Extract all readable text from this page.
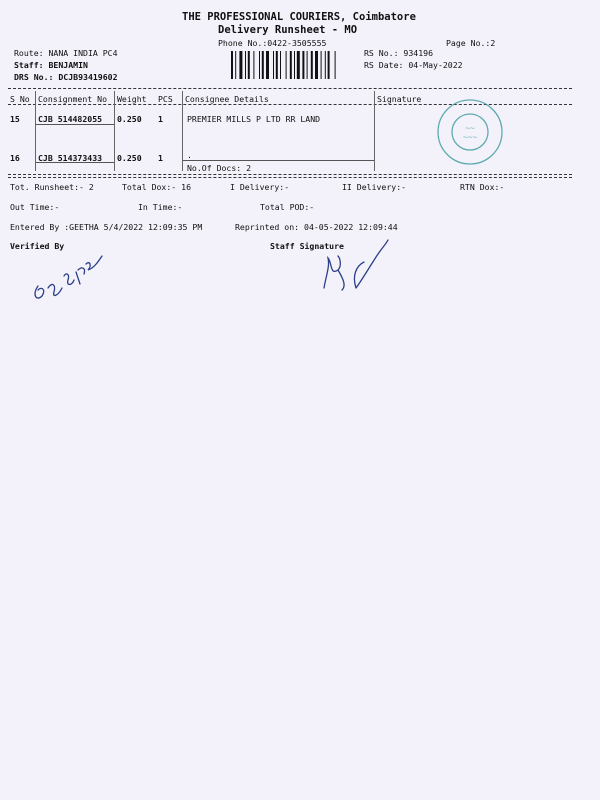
THE PROFESSIONAL COURIERS, Coimbatore
Delivery Runsheet - MO
Phone No.:0422-3505555	Page No.:2
Route: NANA INDIA PC4
Staff: BENJAMIN
DRS No.: DCJB93419602
RS No.: 934196
RS Date: 04-May-2022
S No Consignment No Weight PCS Consignee Details	Signature
15 CJB 514482055 0.250 1	PREMIER MILLS P LTD RR LAND
16 CJB 514373433 0.250 1	.
No.Of Docs: 2
~~
~~~
Tot. Runsheet:- 2	Total Dox:- 16	I Delivery:-	II Delivery:-	RTN Dox:-
Out Time:-	In Time:-	Total POD:-
Entered By :GEETHA 5/4/2022 12:09:35 PM	Reprinted on: 04-05-2022 12:09:44
Verified By	Staff Signature
